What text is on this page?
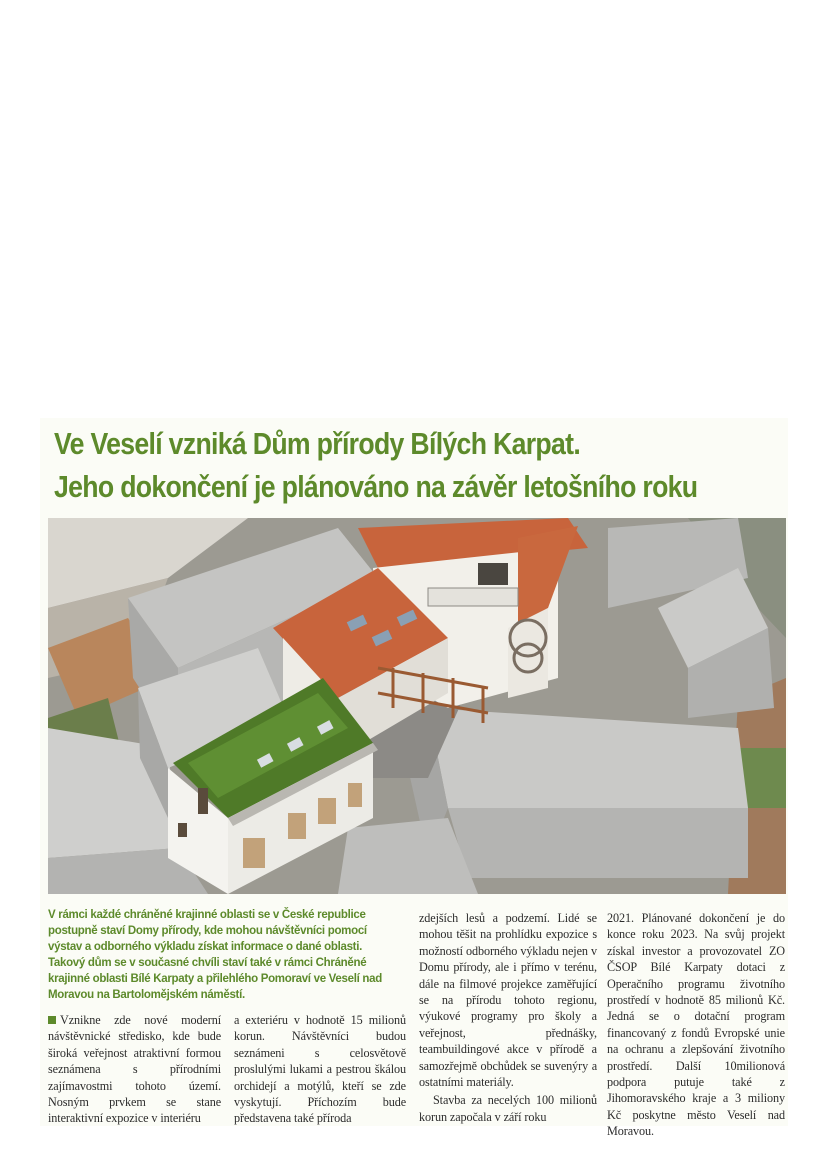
Ve Veselí vzniká Dům přírody Bílých Karpat.
Jeho dokončení je plánováno na závěr letošního roku

V rámci každé chráněné krajinné oblasti se v České republice postupně staví Domy přírody, kde mohou návštěvníci pomocí výstav a odborného výkladu získat informace o dané oblasti. Takový dům se v současné chvíli staví také v rámci Chráněné krajinné oblasti Bílé Karpaty a přilehlého Pomoraví ve Veselí nad Moravou na Bartolomějském náměstí.

Vznikne zde nové moderní návštěvnické středisko, kde bude široká veřejnost atraktivní formou seznámena s přírodními zajímavostmi tohoto území. Nosným prvkem se stane interaktivní expozice v interiéru

a exteriéru v hodnotě 15 milionů korun. Návštěvníci budou seznámeni s celosvětově proslulými lukami a pestrou škálou orchidejí a motýlů, kteří se zde vyskytují. Příchozím bude představena také příroda

zdejších lesů a podzemí. Lidé se mohou těšit na prohlídku expozice s možností odborného výkladu nejen v Domu přírody, ale i přímo v terénu, dále na filmové projekce zaměřující se na přírodu tohoto regionu, výukové programy pro školy a veřejnost, přednášky, teambuildingové akce v přírodě a samozřejmě obchůdek se suvenýry a ostatními materiály.

Stavba za necelých 100 milionů korun započala v září roku

2021. Plánované dokončení je do konce roku 2023. Na svůj projekt získal investor a provozovatel ZO ČSOP Bílé Karpaty dotaci z Operačního programu životního prostředí v hodnotě 85 milionů Kč. Jedná se o dotační program financovaný z fondů Evropské unie na ochranu a zlepšování životního prostředí. Další 10milionová podpora putuje také z Jihomoravského kraje a 3 miliony Kč poskytne město Veselí nad Moravou.
